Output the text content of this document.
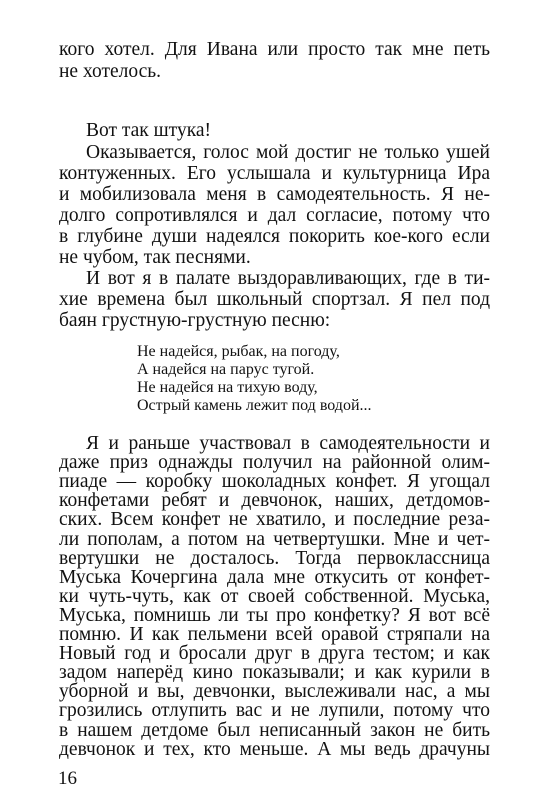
кого хотел. Для Ивана или просто так мне петь
не хотелось.
Вот так штука!
Оказывается, голос мой достиг не только ушей
контуженных. Его услышала и культурница Ира
и мобилизовала меня в самодеятельность. Я не-
долго сопротивлялся и дал согласие, потому что
в глубине души надеялся покорить кое-кого если
не чубом, так песнями.
И вот я в палате выздоравливающих, где в ти-
хие времена был школьный спортзал. Я пел под
баян грустную-грустную песню:
Не надейся, рыбак, на погоду,
А надейся на парус тугой.
Не надейся на тихую воду,
Острый камень лежит под водой...
Я и раньше участвовал в самодеятельности и
даже приз однажды получил на районной олим-
пиаде — коробку шоколадных конфет. Я угощал
конфетами ребят и девчонок, наших, детдомов-
ских. Всем конфет не хватило, и последние реза-
ли пополам, а потом на четвертушки. Мне и чет-
вертушки не досталось. Тогда первоклассница
Муська Кочергина дала мне откусить от конфет-
ки чуть-чуть, как от своей собственной. Муська,
Муська, помнишь ли ты про конфетку? Я вот всё
помню. И как пельмени всей оравой стряпали на
Новый год и бросали друг в друга тестом; и как
задом наперёд кино показывали; и как курили в
уборной и вы, девчонки, выслеживали нас, а мы
грозились отлупить вас и не лупили, потому что
в нашем детдоме был неписанный закон не бить
девчонок и тех, кто меньше. А мы ведь драчуны
16
